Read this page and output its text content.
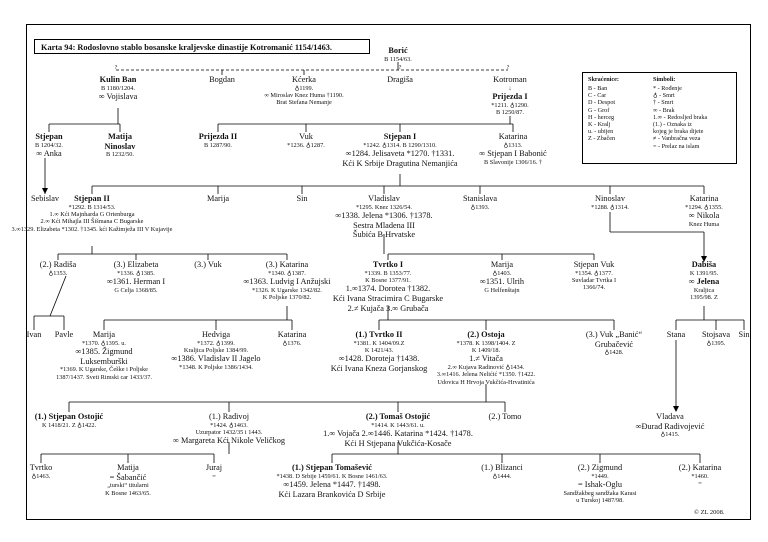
Karta 94: Rodoslovno stablo bosanske kraljevske dinastije Kotromanić 1154/1463.	Borić
B 1154/63.
?	?	?
Kulin Ban
B 1180/1204.
∞ Vojislava
Bogdan	Kćerka
♁1199.
∞ Miroslav Knez Huma †1190.
Brat Stefana Nemanje
Dragiša	Kotroman
↓
Prijezda I
*1211. ♁1290.
B 1250/87.
Stjepan
B 1204/32.
∞ Anka
Matija
Ninoslav
B 1232/50.
Prijezda II
B 1287/90.
Vuk
*1236. ♁1287.
Stjepan I
*1242. ♁1314. B 1290/1310.
∞1284. Jelisaveta *1270. †1331.
Kći K Srbije Dragutina Nemanjića
Katarina
♁1313.
∞ Stjepan I Babonić
B Slavonije 1306/16. †
Sebislav	Stjepan II
*1292. B 1314/53.
1.∞ Kći Majnharda G Ortenburga
2.∞ Kći Mihajla III Šišmana C Bugarske
3.∞1329. Elizabeta *1302. †1345. kći Kažimježa III V Kujavije
Marija	Sin	Vladislav
*1295. Knez 1326/54.
∞1338. Jelena *1306. †1378.
Sestra Mladena III
Šubića B Hrvatske
Stanislava
♁1393.
Ninoslav
*1288. ♁1314.
Katarina
*1294. ♁1355.
∞ Nikola
Knez Huma
(2.) Radiša
♁1353.
(3.) Elizabeta
*1336. ♁1385.
∞1361. Herman I
G Celja 1368/85.
(3.) Vuk	(3.) Katarina
*1340. ♁1387.
∞1363. Ludvig I Anžujski
*1326. K Ugarske 1342/82.
K Poljske 1370/82.
Tvrtko I
*1339. B 1353/77.
K Bosne 1377/91.
1.∞1374. Dorotea †1382.
Kći Ivana Stracimira C Bugarske
2.≠ Kujača 3.∞ Grubača
Marija
♁1403.
∞1351. Ulrih
G Helfenštajn
Stjepan Vuk
*1354. ♁1377.
Suvladar Tvrtka I
1366/74.
Dabiša
K 1391/95.
∞ Jelena
Kraljica
1395/98. Z
Ivan Pavle	Marija
*1370. ♁1395. u.
∞1385. Žigmund
Luksemburški
*1369. K Ugarske, Češke i Poljske
1387/1437. Sveti Rimski car 1433/37.
Hedviga
*1372. ♁1399.
Kraljica Poljske 1384/99.
∞1386. Vladislav II Jagelo
*1348. K Poljske 1386/1434.
Katarina
♁1376.
(1.) Tvrtko II
*1381. K 1404/09.Z
K 1421/43.
∞1428. Doroteja †1438.
Kći Ivana Kneza Gorjanskog
(2.) Ostoja
*1378. K 1398/1404. Z
K 1409/18.
1.≠ Vitača
2.∞ Kujava Radinović ♁1434.
3.∞1416. Jelena Nelićić *1350. †1422.
Udovica H Hrvoja Vukčića-Hrvatinića
(3.) Vuk „Banić“
Grubačević
♁1428.
Stana Stojsava
♁1395.
Sin
(1.) Stjepan Ostojić
K 1418/21. Z ♁1422.
(1.) Radivoj
*1424. ♁1463.
Uzurpator 1432/35 i 1443.
∞ Margareta Kći Nikole Veličkog
(2.) Tomaš Ostojić
*1414. K 1443/61. u.
1.∞ Vojača 2.∞1446. Katarina *1424. †1478.
Kći H Stjepana Vukčića-Kosače
(2.) Tomo	Vladava
∞Đurađ Radivojević
♁1415.
Tvrtko
♁1463.
Matija
= Šabančić
„turski“ titularni
K Bosne 1463/65.
Juraj
=
(1.) Stjepan Tomašević
*1438. D Srbije 1459/61. K Bosne 1461/63.
∞1459. Jelena *1447. †1498.
Kći Lazara Brankovića D Srbije
(1.) Blizanci
♁1444.
(2.) Zigmund
*1449.
= Ishak-Oglu
Sandžakbeg sandžaka Karasi
u Turskoj 1487/98.
(2.) Katarina
*1460.
=
Skraćenice:	Simboli:
B - Ban
C - Car
D - Despot
G - Grof
H - herceg
K - Kralj
u. - ubijen
Z - Zbačen
* - Rođenje
♁ - Smrt
† - Smrt
∞ - Brak
1.∞ - Redosljed braka
(1.) - Oznaka iz
kojeg je braka dijete
≠ - Vanbračna veza
= - Prelaz na islam
© ZL 2008.
